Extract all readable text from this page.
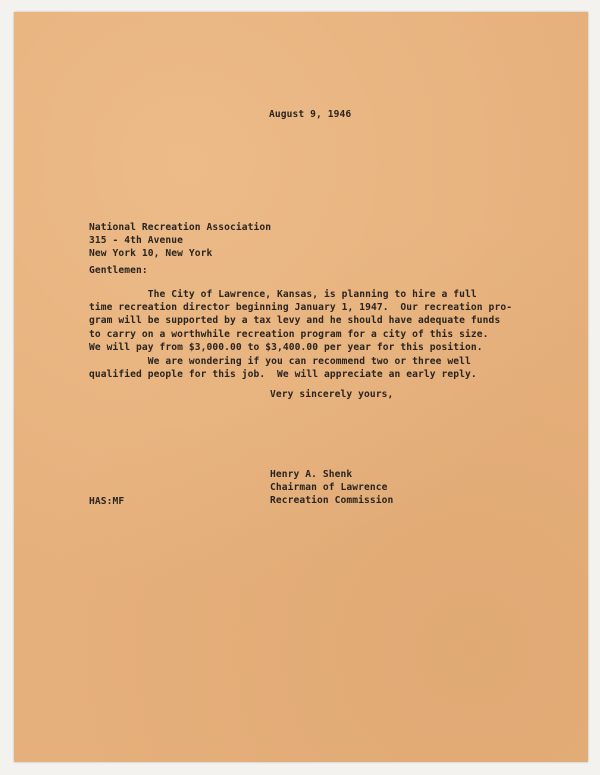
August 9, 1946
National Recreation Association
315 - 4th Avenue
New York 10, New York
Gentlemen:
The City of Lawrence, Kansas, is planning to hire a full
time recreation director beginning January 1, 1947.  Our recreation pro-
gram will be supported by a tax levy and he should have adequate funds
to carry on a worthwhile recreation program for a city of this size.
We will pay from $3,000.00 to $3,400.00 per year for this position.
We are wondering if you can recommend two or three well
qualified people for this job.  We will appreciate an early reply.
Very sincerely yours,
Henry A. Shenk
Chairman of Lawrence
Recreation Commission
HAS:MF
